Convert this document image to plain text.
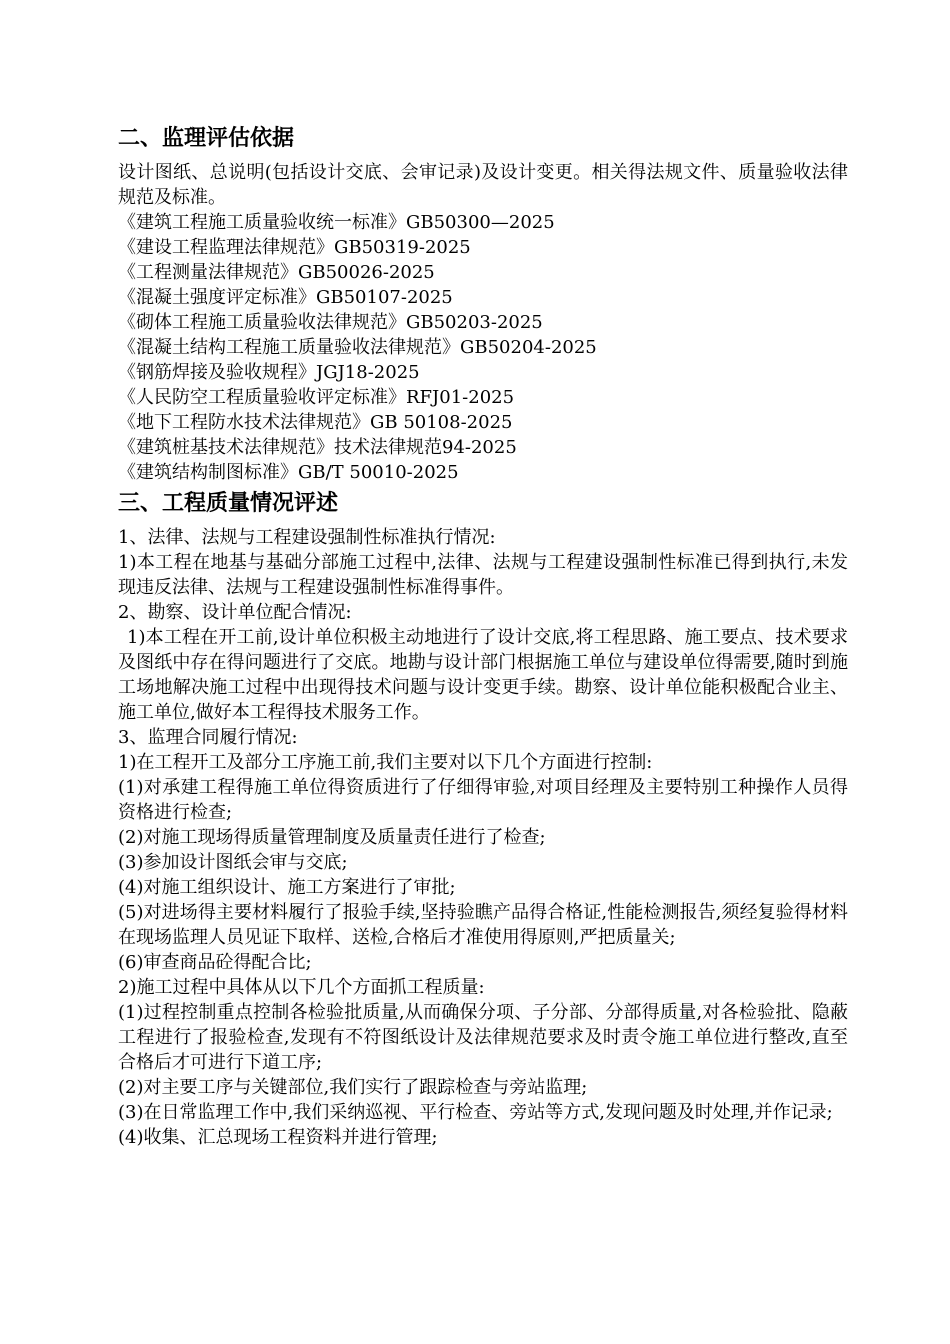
二、监理评估依据

设计图纸、总说明(包括设计交底、会审记录)及设计变更。相关得法规文件、质量验收法律规范及标准。

《建筑工程施工质量验收统一标准》GB50300—2025
《建设工程监理法律规范》GB50319-2025
《工程测量法律规范》GB50026-2025
《混凝土强度评定标准》GB50107-2025
《砌体工程施工质量验收法律规范》GB50203-2025
《混凝土结构工程施工质量验收法律规范》GB50204-2025
《钢筋焊接及验收规程》JGJ18-2025
《人民防空工程质量验收评定标准》RFJ01-2025
《地下工程防水技术法律规范》GB 50108-2025
《建筑桩基技术法律规范》技术法律规范94-2025
《建筑结构制图标准》GB/T 50010-2025
三、工程质量情况评述

1、法律、法规与工程建设强制性标准执行情况:

1)本工程在地基与基础分部施工过程中,法律、法规与工程建设强制性标准已得到执行,未发现违反法律、法规与工程建设强制性标准得事件。

2、勘察、设计单位配合情况:

1)本工程在开工前,设计单位积极主动地进行了设计交底,将工程思路、施工要点、技术要求及图纸中存在得问题进行了交底。地勘与设计部门根据施工单位与建设单位得需要,随时到施工场地解决施工过程中出现得技术问题与设计变更手续。勘察、设计单位能积极配合业主、施工单位,做好本工程得技术服务工作。

3、监理合同履行情况:

1)在工程开工及部分工序施工前,我们主要对以下几个方面进行控制:

(1)对承建工程得施工单位得资质进行了仔细得审验,对项目经理及主要特别工种操作人员得资格进行检查;

(2)对施工现场得质量管理制度及质量责任进行了检查;

(3)参加设计图纸会审与交底;

(4)对施工组织设计、施工方案进行了审批;

(5)对进场得主要材料履行了报验手续,坚持验瞧产品得合格证,性能检测报告,须经复验得材料在现场监理人员见证下取样、送检,合格后才准使用得原则,严把质量关;

(6)审查商品砼得配合比;

2)施工过程中具体从以下几个方面抓工程质量:

(1)过程控制重点控制各检验批质量,从而确保分项、子分部、分部得质量,对各检验批、隐蔽工程进行了报验检查,发现有不符图纸设计及法律规范要求及时责令施工单位进行整改,直至合格后才可进行下道工序;

(2)对主要工序与关键部位,我们实行了跟踪检查与旁站监理;

(3)在日常监理工作中,我们采纳巡视、平行检查、旁站等方式,发现问题及时处理,并作记录;

(4)收集、汇总现场工程资料并进行管理;
